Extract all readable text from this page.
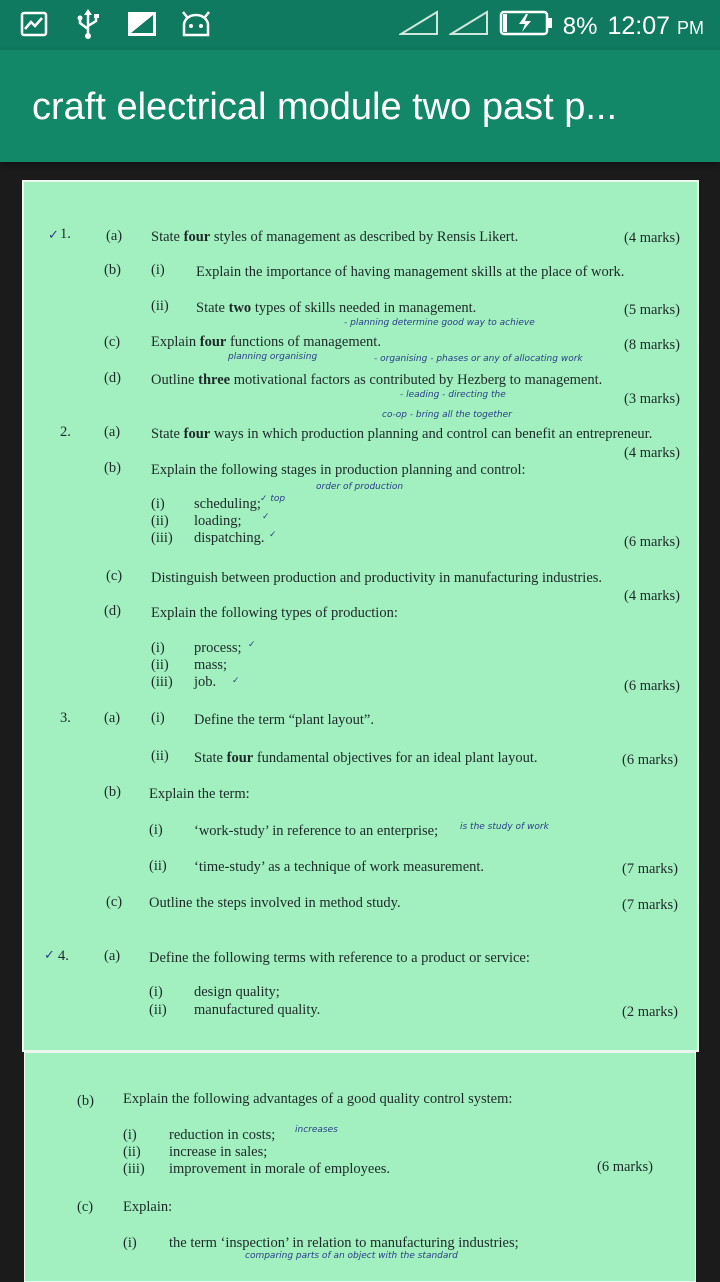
8% 12:07 PM
craft electrical module two past p...
1.
✓	(a) State four styles of management as described by Rensis Likert.	(4 marks)
(b) (i) Explain the importance of having management skills at the place of work.
(ii) State two types of skills needed in management.	(5 marks)
- planning determine good way to achieve
(c) Explain four functions of management.	(8 marks)
planning organising	- organising - phases or any of allocating work
(d) Outline three motivational factors as contributed by Hezberg to management.
- leading - directing the	(3 marks)
co-op - bring all the together
2. (a) State four ways in which production planning and control can benefit an entrepreneur.
(4 marks)
(b) Explain the following stages in production planning and control:
(i) scheduling; ✓ top
order of production
(ii) loading; ✓
(iii) dispatching. ✓	(6 marks)
(c) Distinguish between production and productivity in manufacturing industries.
(4 marks)
(d) Explain the following types of production:
(i) process; ✓
(ii) mass;
(iii) job. ✓	(6 marks)
3. (a) (i) Define the term “plant layout”.
(ii) State four fundamental objectives for an ideal plant layout.	(6 marks)
(b) Explain the term:
(i) ‘work-study’ in reference to an enterprise; is the study of work
(ii) ‘time-study’ as a technique of work measurement.	(7 marks)
(c) Outline the steps involved in method study.	(7 marks)
4.
✓	(a) Define the following terms with reference to a product or service:
(i) design quality;
(ii) manufactured quality.	(2 marks)
(b) Explain the following advantages of a good quality control system:
(i) reduction in costs; increases
(ii) increase in sales;
(iii) improvement in morale of employees.	(6 marks)
(c) Explain:
(i) the term ‘inspection’ in relation to manufacturing industries;
comparing parts of an object with the standard
